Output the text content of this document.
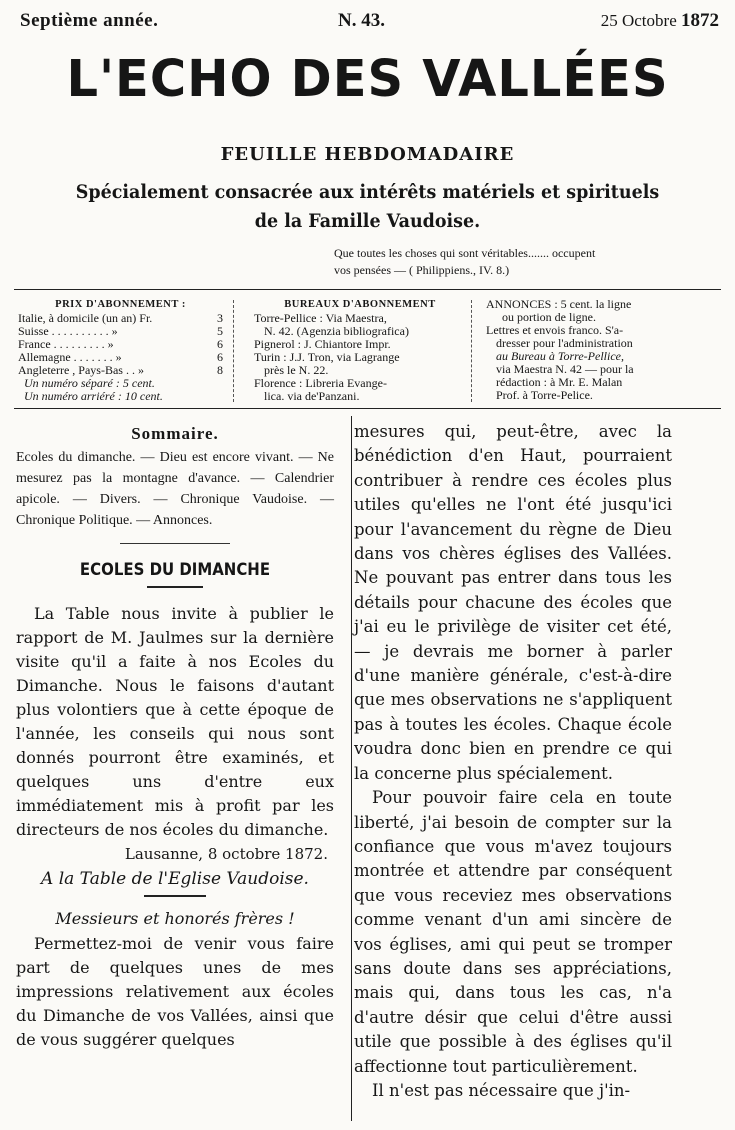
Septième année.	N. 43.	25 Octobre 1872
L'ECHO DES VALLÉES
FEUILLE HEBDOMADAIRE
Spécialement consacrée aux intérêts matériels et spirituels
de la Famille Vaudoise.
Que toutes les choses qui sont véritables....... occupent
vos pensées — ( Philippiens., IV. 8.)
PRIX D'ABONNEMENT :
Italie, à domicile (un an) Fr.	3
Suisse . . . . . . . . . . »	5
France . . . . . . . . . »	6
Allemagne . . . . . . . »	6
Angleterre , Pays-Bas . . »	8
Un numéro séparé : 5 cent.
Un numéro arriéré : 10 cent.
BUREAUX D'ABONNEMENT
Torre-Pellice : Via Maestra,
N. 42. (Agenzia bibliografica)
Pignerol : J. Chiantore Impr.
Turin : J.J. Tron, via Lagrange
près le N. 22.
Florence : Libreria Evange-
lica. via de'Panzani.
ANNONCES : 5 cent. la ligne
ou portion de ligne.
Lettres et envois franco. S'a-
dresser pour l'administration
au Bureau à Torre-Pellice,
via Maestra N. 42 — pour la
rédaction : à Mr. E. Malan
Prof. à Torre-Pelice.
Sommaire.

Ecoles du dimanche. — Dieu est encore vivant. — Ne mesurez pas la montagne d'avance. — Calendrier apicole. — Divers. — Chronique Vaudoise. — Chronique Politique. — Annonces.

ECOLES DU DIMANCHE

La Table nous invite à publier le rapport de M. Jaulmes sur la dernière visite qu'il a faite à nos Ecoles du Dimanche. Nous le faisons d'autant plus volontiers que à cette époque de l'année, les conseils qui nous sont donnés pourront être examinés, et quelques uns d'entre eux immédiatement mis à profit par les directeurs de nos écoles du dimanche.

Lausanne, 8 octobre 1872.
A la Table de l'Eglise Vaudoise.
Messieurs et honorés frères !

Permettez-moi de venir vous faire part de quelques unes de mes impressions relativement aux écoles du Dimanche de vos Vallées, ainsi que de vous suggérer quelques

mesures qui, peut-être, avec la bénédiction d'en Haut, pourraient contribuer à rendre ces écoles plus utiles qu'elles ne l'ont été jusqu'ici pour l'avancement du règne de Dieu dans vos chères églises des Vallées. Ne pouvant pas entrer dans tous les détails pour chacune des écoles que j'ai eu le privilège de visiter cet été, — je devrais me borner à parler d'une manière générale, c'est-à-dire que mes observations ne s'appliquent pas à toutes les écoles. Chaque école voudra donc bien en prendre ce qui la concerne plus spécialement.

Pour pouvoir faire cela en toute liberté, j'ai besoin de compter sur la confiance que vous m'avez toujours montrée et attendre par conséquent que vous receviez mes observations comme venant d'un ami sincère de vos églises, ami qui peut se tromper sans doute dans ses appréciations, mais qui, dans tous les cas, n'a d'autre désir que celui d'être aussi utile que possible à des églises qu'il affectionne tout particulièrement.

Il n'est pas nécessaire que j'in-
